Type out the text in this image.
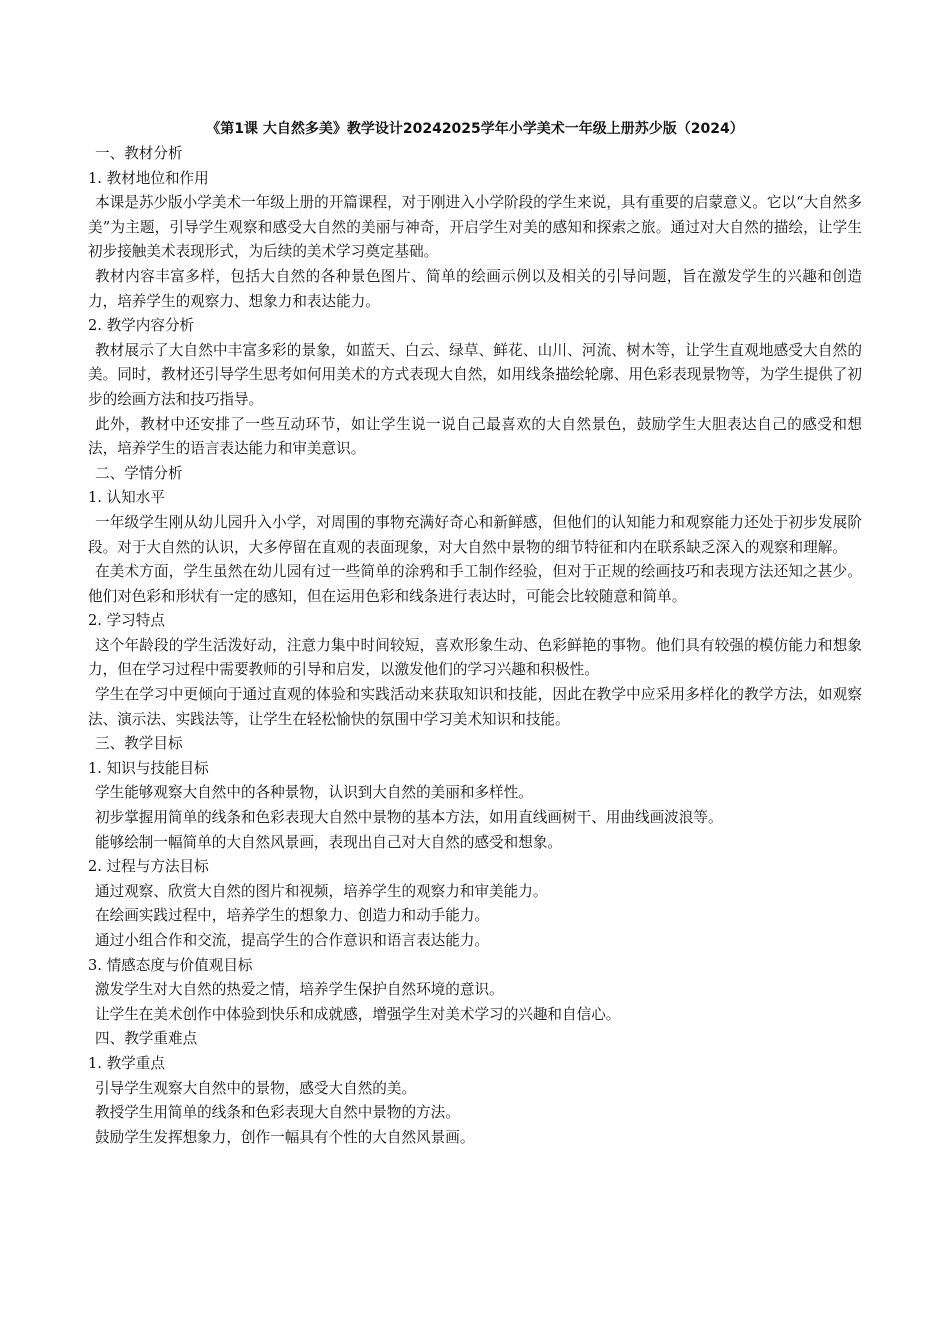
《第1课 大自然多美》教学设计20242025学年小学美术一年级上册苏少版（2024）

一、教材分析

1. 教材地位和作用

本课是苏少版小学美术一年级上册的开篇课程，对于刚进入小学阶段的学生来说，具有重要的启蒙意义。它以“大自然多美”为主题，引导学生观察和感受大自然的美丽与神奇，开启学生对美的感知和探索之旅。通过对大自然的描绘，让学生初步接触美术表现形式，为后续的美术学习奠定基础。

教材内容丰富多样，包括大自然的各种景色图片、简单的绘画示例以及相关的引导问题，旨在激发学生的兴趣和创造力，培养学生的观察力、想象力和表达能力。

2. 教学内容分析

教材展示了大自然中丰富多彩的景象，如蓝天、白云、绿草、鲜花、山川、河流、树木等，让学生直观地感受大自然的美。同时，教材还引导学生思考如何用美术的方式表现大自然，如用线条描绘轮廓、用色彩表现景物等，为学生提供了初步的绘画方法和技巧指导。

此外，教材中还安排了一些互动环节，如让学生说一说自己最喜欢的大自然景色，鼓励学生大胆表达自己的感受和想法，培养学生的语言表达能力和审美意识。

二、学情分析

1. 认知水平

一年级学生刚从幼儿园升入小学，对周围的事物充满好奇心和新鲜感，但他们的认知能力和观察能力还处于初步发展阶段。对于大自然的认识，大多停留在直观的表面现象，对大自然中景物的细节特征和内在联系缺乏深入的观察和理解。

在美术方面，学生虽然在幼儿园有过一些简单的涂鸦和手工制作经验，但对于正规的绘画技巧和表现方法还知之甚少。他们对色彩和形状有一定的感知，但在运用色彩和线条进行表达时，可能会比较随意和简单。

2. 学习特点

这个年龄段的学生活泼好动，注意力集中时间较短，喜欢形象生动、色彩鲜艳的事物。他们具有较强的模仿能力和想象力，但在学习过程中需要教师的引导和启发，以激发他们的学习兴趣和积极性。

学生在学习中更倾向于通过直观的体验和实践活动来获取知识和技能，因此在教学中应采用多样化的教学方法，如观察法、演示法、实践法等，让学生在轻松愉快的氛围中学习美术知识和技能。

三、教学目标

1. 知识与技能目标

学生能够观察大自然中的各种景物，认识到大自然的美丽和多样性。

初步掌握用简单的线条和色彩表现大自然中景物的基本方法，如用直线画树干、用曲线画波浪等。

能够绘制一幅简单的大自然风景画，表现出自己对大自然的感受和想象。

2. 过程与方法目标

通过观察、欣赏大自然的图片和视频，培养学生的观察力和审美能力。

在绘画实践过程中，培养学生的想象力、创造力和动手能力。

通过小组合作和交流，提高学生的合作意识和语言表达能力。

3. 情感态度与价值观目标

激发学生对大自然的热爱之情，培养学生保护自然环境的意识。

让学生在美术创作中体验到快乐和成就感，增强学生对美术学习的兴趣和自信心。

四、教学重难点

1. 教学重点

引导学生观察大自然中的景物，感受大自然的美。

教授学生用简单的线条和色彩表现大自然中景物的方法。

鼓励学生发挥想象力，创作一幅具有个性的大自然风景画。
